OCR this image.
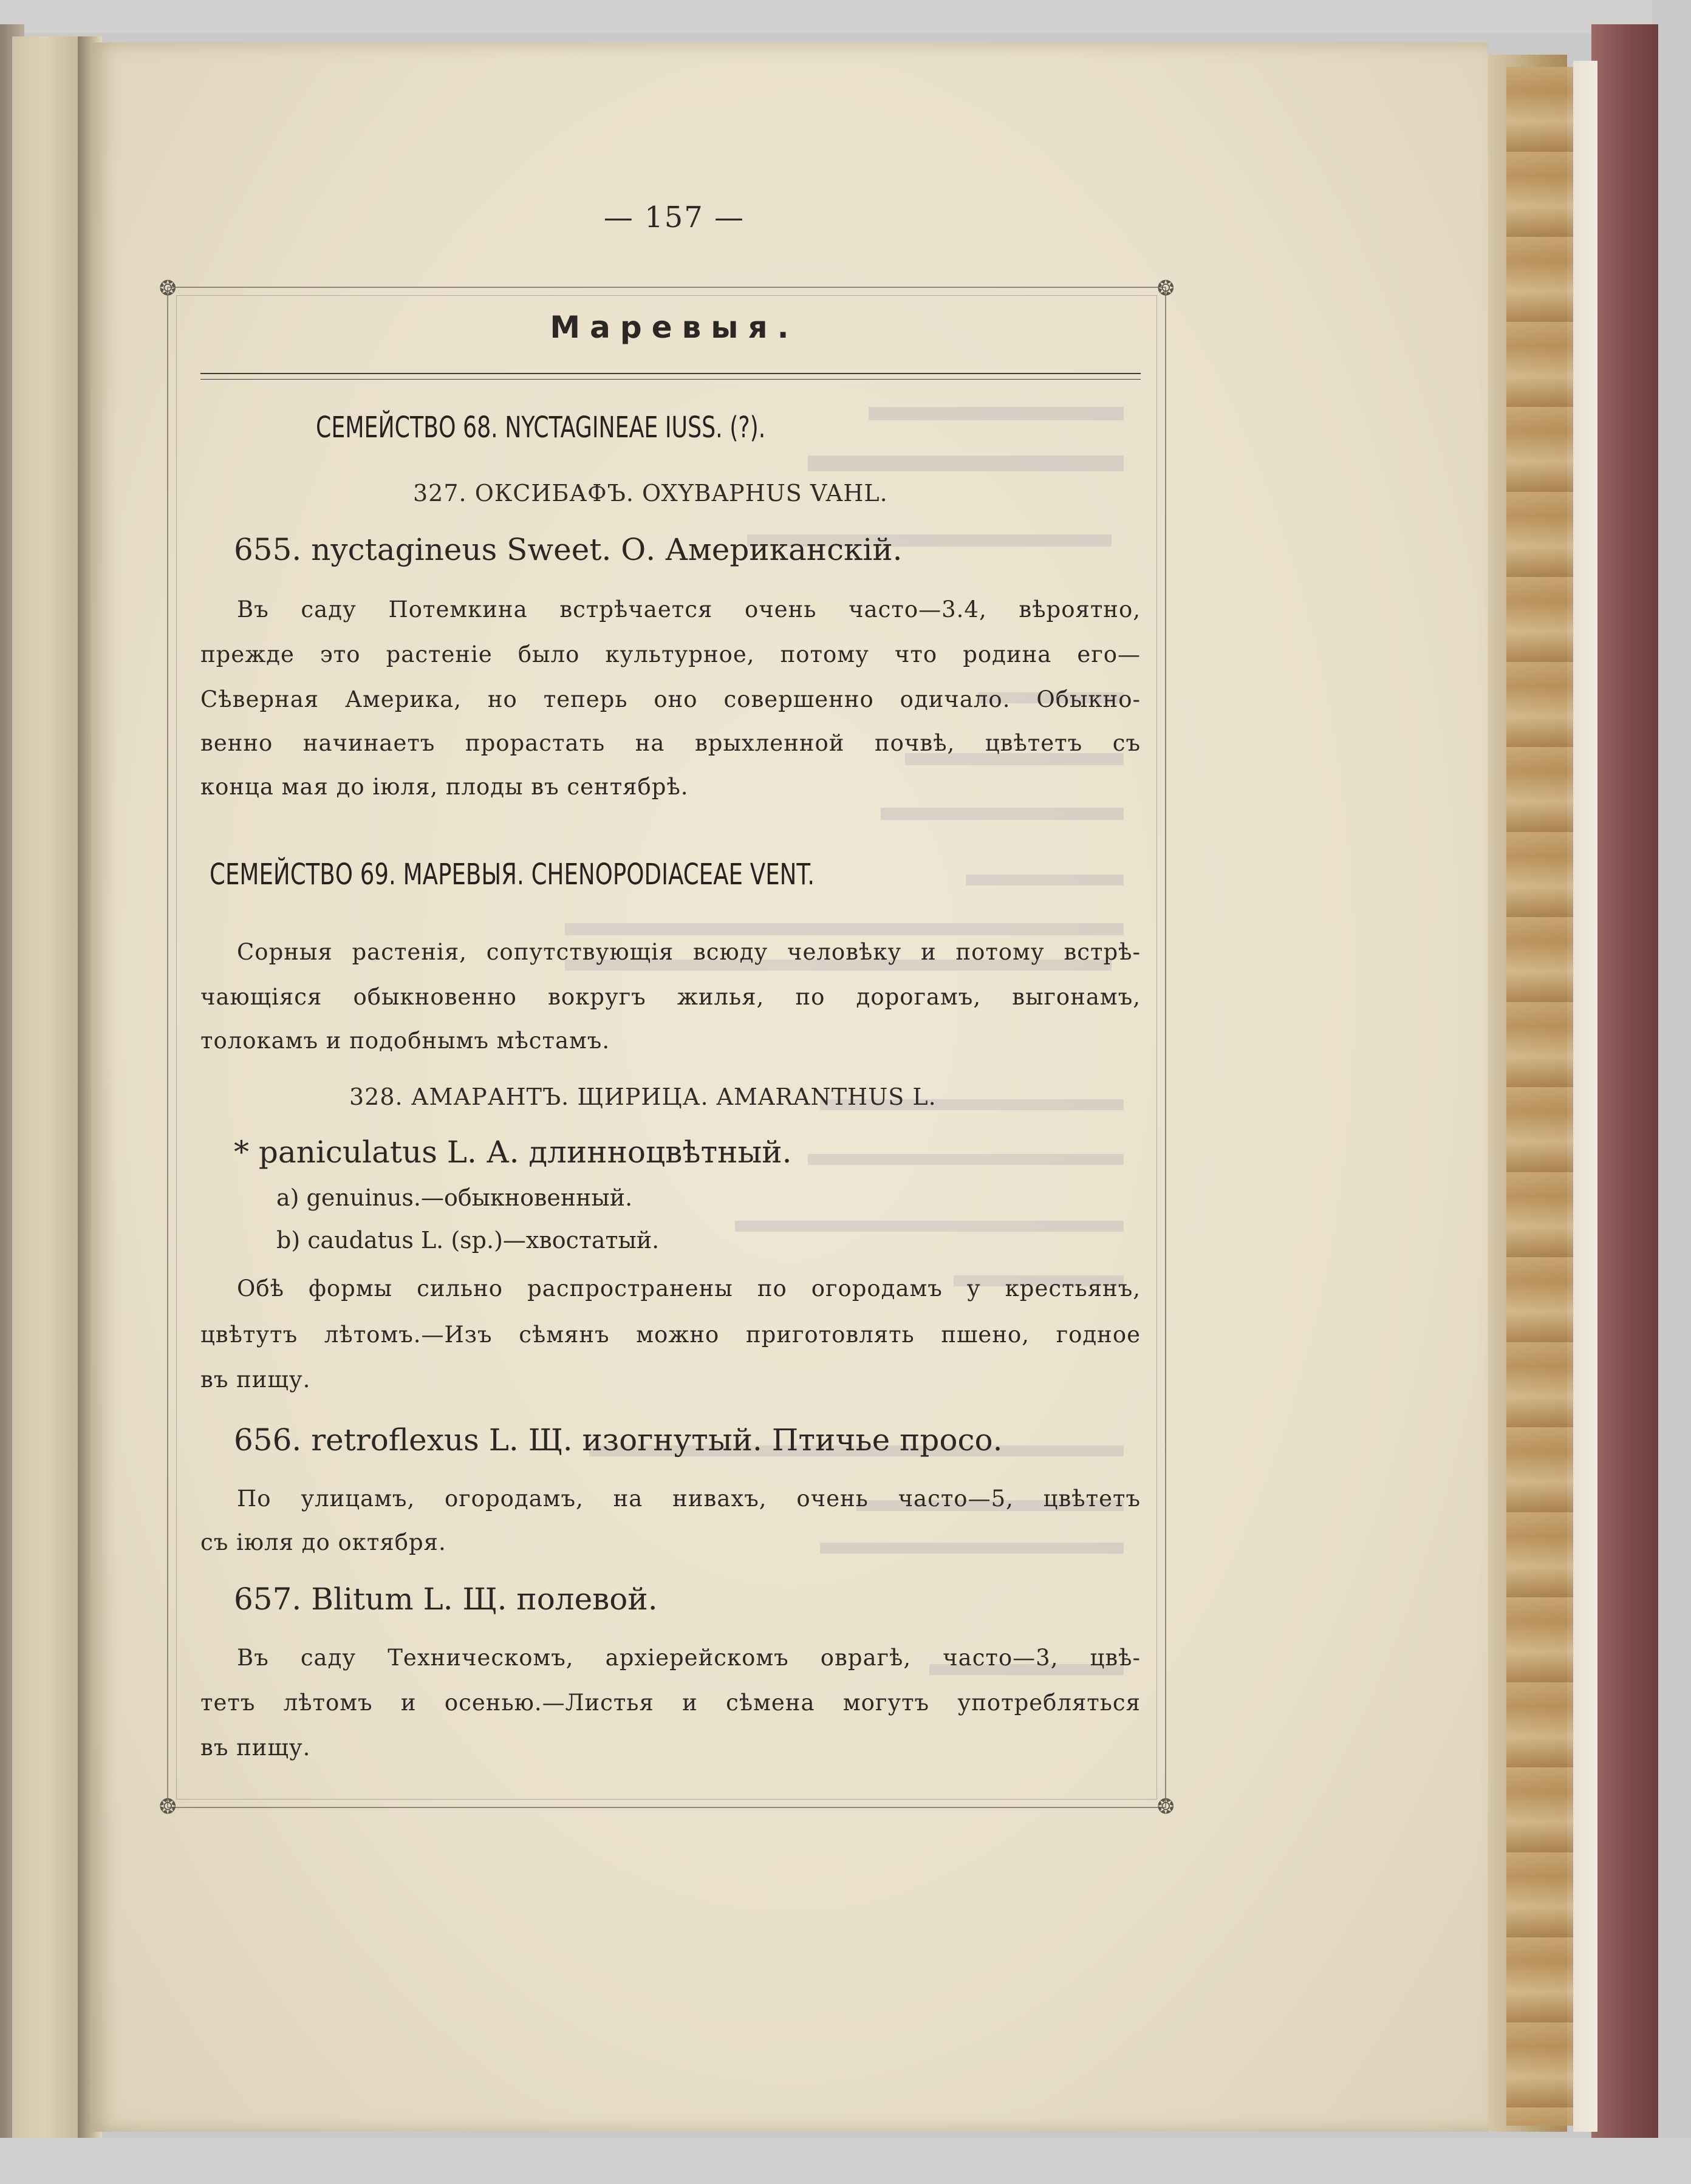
— 157 —
❂	❂
❂	❂
Маревыя.
СЕМЕЙСТВО 68. NYCTAGINEAE IUSS. (?).
327. ОКСИБАФЪ. OXYBAPHUS VAHL.
655. nyctagineus Sweet. О. Американскій.
Въ саду Потемкина встрѣчается очень часто—3.4, вѣроятно,
прежде это растеніе было культурное, потому что родина его—
Сѣверная Америка, но теперь оно совершенно одичало. Обыкно-
венно начинаетъ прорастать на врыхленной почвѣ, цвѣтетъ съ
конца мая до іюля, плоды въ сентябрѣ.
СЕМЕЙСТВО 69. МАРЕВЫЯ. CHENOPODIACEAE VENT.
Сорныя растенія, сопутствующія всюду человѣку и потому встрѣ-
чающіяся обыкновенно вокругъ жилья, по дорогамъ, выгонамъ,
толокамъ и подобнымъ мѣстамъ.
328. АМАРАНТЪ. ЩИРИЦА. AMARANTHUS L.
* paniculatus L. А. длинноцвѣтный.
a) genuinus.—обыкновенный.
b) caudatus L. (sp.)—хвостатый.
Обѣ формы сильно распространены по огородамъ у крестьянъ,
цвѣтутъ лѣтомъ.—Изъ сѣмянъ можно приготовлять пшено, годное
въ пищу.
656. retroflexus L. Щ. изогнутый. Птичье просо.
По улицамъ, огородамъ, на нивахъ, очень часто—5, цвѣтетъ
съ іюля до октября.
657. Blitum L. Щ. полевой.
Въ саду Техническомъ, архіерейскомъ оврагѣ, часто—3, цвѣ-
тетъ лѣтомъ и осенью.—Листья и сѣмена могутъ употребляться
въ пищу.
